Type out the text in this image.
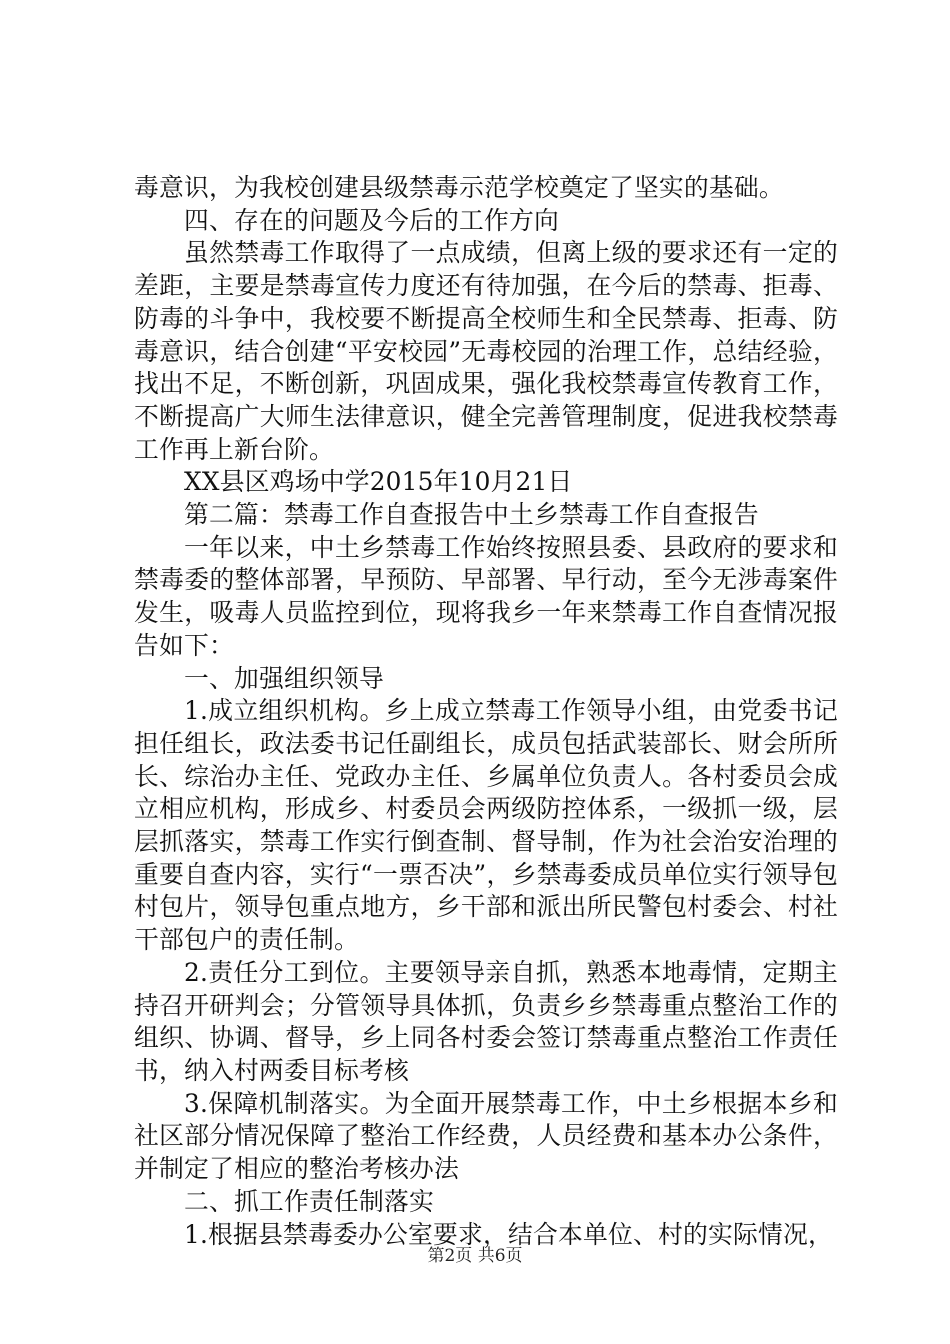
毒意识，为我校创建县级禁毒示范学校奠定了坚实的基础。

四、存在的问题及今后的工作方向

虽然禁毒工作取得了一点成绩，但离上级的要求还有一定的差距，主要是禁毒宣传力度还有待加强，在今后的禁毒、拒毒、防毒的斗争中，我校要不断提高全校师生和全民禁毒、拒毒、防毒意识，结合创建“平安校园”无毒校园的治理工作，总结经验，找出不足，不断创新，巩固成果，强化我校禁毒宣传教育工作，不断提高广大师生法律意识，健全完善管理制度，促进我校禁毒工作再上新台阶。

XX县区鸡场中学2015年10月21日

第二篇：禁毒工作自查报告中土乡禁毒工作自查报告

一年以来，中土乡禁毒工作始终按照县委、县政府的要求和禁毒委的整体部署，早预防、早部署、早行动，至今无涉毒案件发生，吸毒人员监控到位，现将我乡一年来禁毒工作自查情况报告如下：

一、加强组织领导

1.成立组织机构。乡上成立禁毒工作领导小组，由党委书记担任组长，政法委书记任副组长，成员包括武装部长、财会所所长、综治办主任、党政办主任、乡属单位负责人。各村委员会成立相应机构，形成乡、村委员会两级防控体系，一级抓一级，层层抓落实，禁毒工作实行倒查制、督导制，作为社会治安治理的重要自查内容，实行“一票否决”，乡禁毒委成员单位实行领导包村包片，领导包重点地方，乡干部和派出所民警包村委会、村社干部包户的责任制。

2.责任分工到位。主要领导亲自抓，熟悉本地毒情，定期主持召开研判会；分管领导具体抓，负责乡乡禁毒重点整治工作的组织、协调、督导，乡上同各村委会签订禁毒重点整治工作责任书，纳入村两委目标考核

3.保障机制落实。为全面开展禁毒工作，中土乡根据本乡和社区部分情况保障了整治工作经费，人员经费和基本办公条件，并制定了相应的整治考核办法

二、抓工作责任制落实

1.根据县禁毒委办公室要求，结合本单位、村的实际情况，

第2页 共6页
